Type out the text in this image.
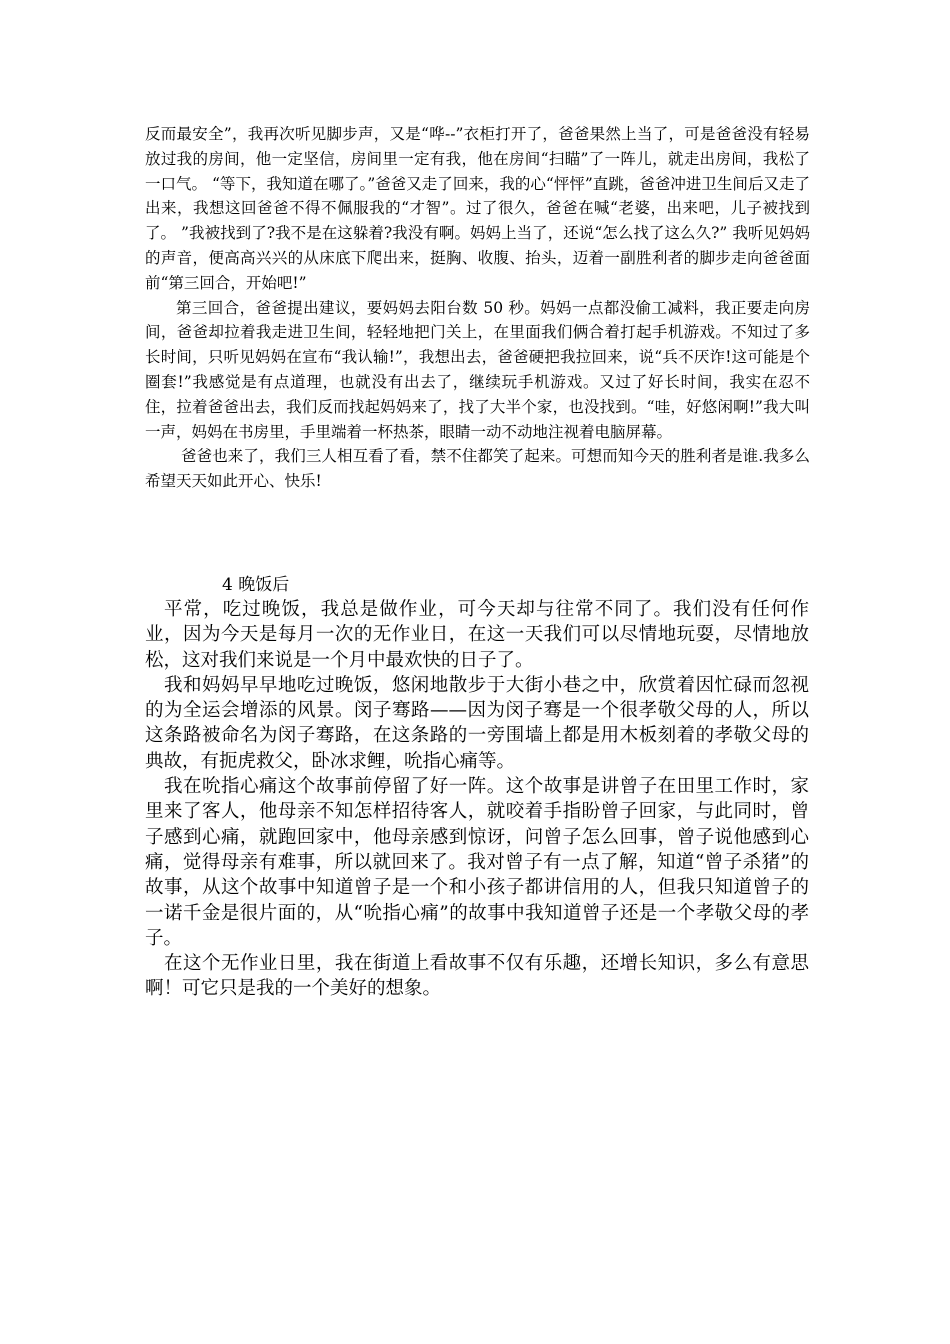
反而最安全”，我再次听见脚步声，又是“哗--”衣柜打开了，爸爸果然上当了，可是爸爸没有轻易放过我的房间，他一定坚信，房间里一定有我，他在房间“扫瞄”了一阵儿，就走出房间，我松了一口气。 “等下，我知道在哪了。”爸爸又走了回来，我的心“怦怦”直跳，爸爸冲进卫生间后又走了出来，我想这回爸爸不得不佩服我的“才智”。过了很久，爸爸在喊“老婆，出来吧，儿子被找到了。 ”我被找到了?我不是在这躲着?我没有啊。妈妈上当了，还说“怎么找了这么久?” 我听见妈妈的声音，便高高兴兴的从床底下爬出来，挺胸、收腹、抬头，迈着一副胜利者的脚步走向爸爸面前“第三回合，开始吧!”

第三回合，爸爸提出建议，要妈妈去阳台数 50 秒。妈妈一点都没偷工减料，我正要走向房间，爸爸却拉着我走进卫生间，轻轻地把门关上，在里面我们俩合着打起手机游戏。不知过了多长时间，只听见妈妈在宣布“我认输!”，我想出去，爸爸硬把我拉回来，说“兵不厌诈!这可能是个圈套!”我感觉是有点道理，也就没有出去了，继续玩手机游戏。又过了好长时间，我实在忍不住，拉着爸爸出去，我们反而找起妈妈来了，找了大半个家，也没找到。“哇，好悠闲啊!”我大叫一声，妈妈在书房里，手里端着一杯热茶，眼睛一动不动地注视着电脑屏幕。

爸爸也来了，我们三人相互看了看，禁不住都笑了起来。可想而知今天的胜利者是谁.我多么希望天天如此开心、快乐!

4 晚饭后

平常，吃过晚饭，我总是做作业，可今天却与往常不同了。我们没有任何作业，因为今天是每月一次的无作业日，在这一天我们可以尽情地玩耍，尽情地放松，这对我们来说是一个月中最欢快的日子了。

我和妈妈早早地吃过晚饭，悠闲地散步于大街小巷之中，欣赏着因忙碌而忽视的为全运会增添的风景。闵子骞路——因为闵子骞是一个很孝敬父母的人，所以这条路被命名为闵子骞路，在这条路的一旁围墙上都是用木板刻着的孝敬父母的典故，有扼虎救父，卧冰求鲤，吮指心痛等。

我在吮指心痛这个故事前停留了好一阵。这个故事是讲曾子在田里工作时，家里来了客人，他母亲不知怎样招待客人，就咬着手指盼曾子回家，与此同时，曾子感到心痛，就跑回家中，他母亲感到惊讶，问曾子怎么回事，曾子说他感到心痛，觉得母亲有难事，所以就回来了。我对曾子有一点了解，知道“曾子杀猪”的故事，从这个故事中知道曾子是一个和小孩子都讲信用的人，但我只知道曾子的一诺千金是很片面的，从“吮指心痛”的故事中我知道曾子还是一个孝敬父母的孝子。

在这个无作业日里，我在街道上看故事不仅有乐趣，还增长知识，多么有意思啊！可它只是我的一个美好的想象。
